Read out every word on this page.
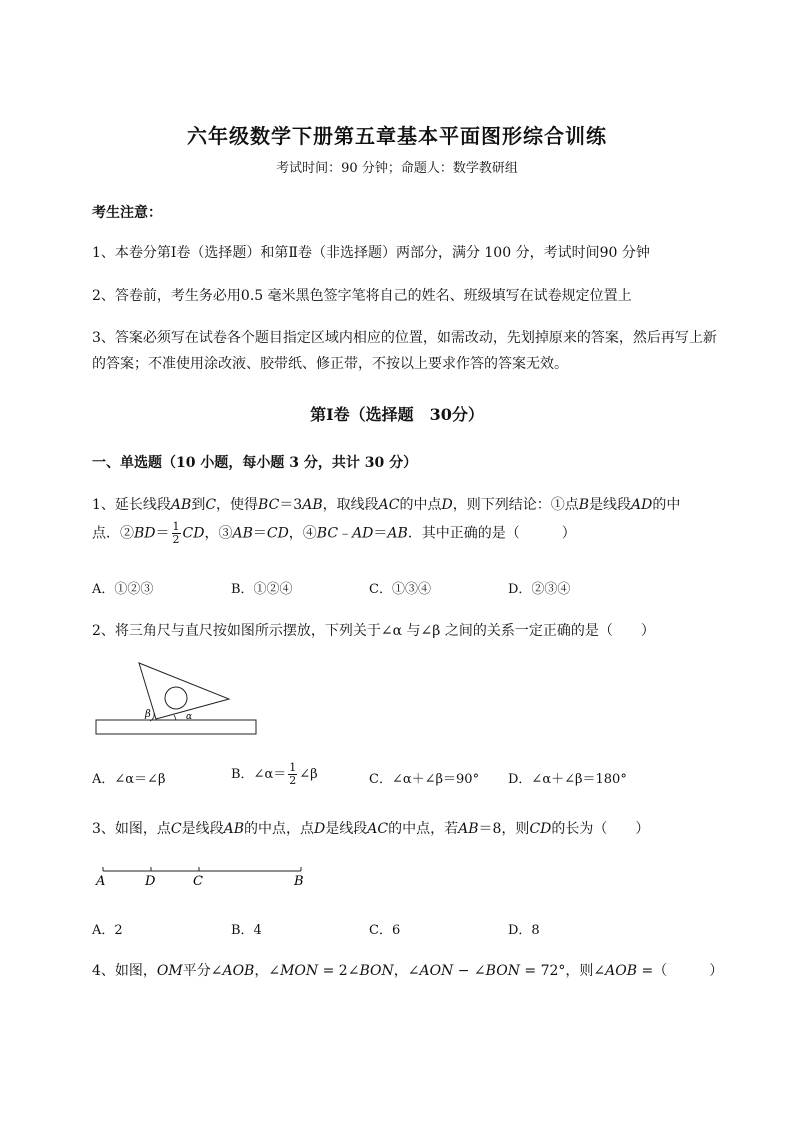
六年级数学下册第五章基本平面图形综合训练
考试时间：90 分钟；命题人：数学教研组
考生注意：
1、本卷分第Ⅰ卷（选择题）和第Ⅱ卷（非选择题）两部分，满分 100 分，考试时间90 分钟
2、答卷前，考生务必用0.5 毫米黑色签字笔将自己的姓名、班级填写在试卷规定位置上
3、答案必须写在试卷各个题目指定区域内相应的位置，如需改动，先划掉原来的答案，然后再写上新
的答案；不准使用涂改液、胶带纸、修正带，不按以上要求作答的答案无效。
第Ⅰ卷（选择题　30分）
一、单选题（10 小题，每小题 3 分，共计 30 分）
1、延长线段AB到C，使得BC＝3AB，取线段AC的中点D，则下列结论：①点B是线段AD的中
点．②BD＝ $\frac{1}{2}$ CD，③AB＝CD，④BC﹣AD＝AB．其中正确的是（　　　）
A．①②③	B．①②④	C．①③④	D．②③④
2、将三角尺与直尺按如图所示摆放，下列关于∠α 与∠β 之间的关系一定正确的是（　　）
β	α
A．∠α＝∠β	B．∠α＝ $\frac{1}{2}$ ∠β	C．∠α＋∠β＝90° D．∠α＋∠β＝180°
3、如图，点C是线段AB的中点，点D是线段AC的中点，若AB＝8，则CD的长为（　　）
A	D	C	B
A．2	B．4	C．6	D．8
4、如图，OM平分∠AOB，∠MON = 2∠BON，∠AON − ∠BON = 72°，则∠AOB =（　　　）
